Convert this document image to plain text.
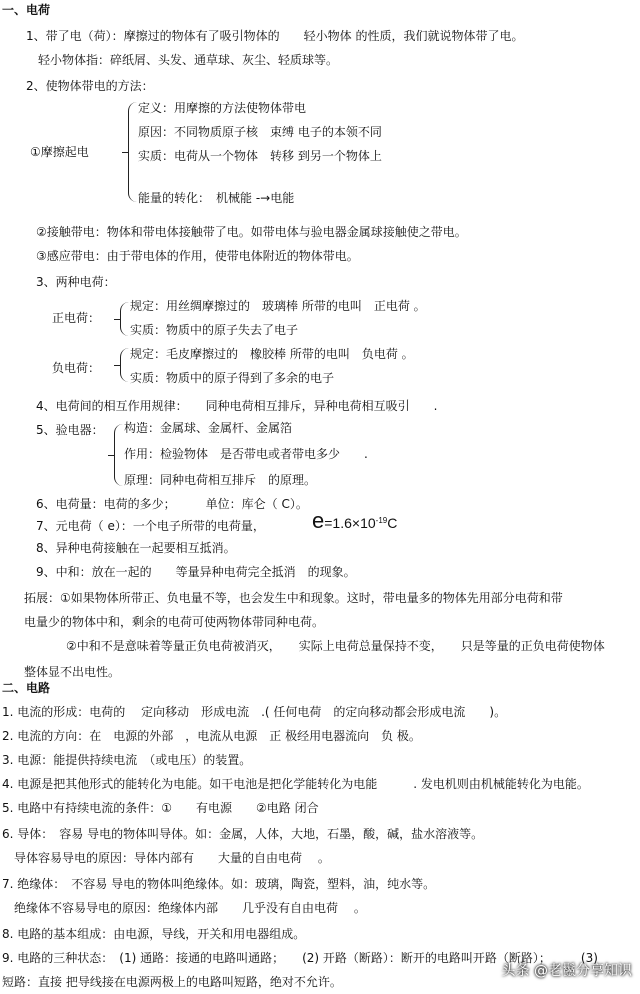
一、电荷
1、带了电（荷）：摩擦过的物体有了吸引物体的　　轻小物体 的性质，我们就说物体带了电。
轻小物体指：碎纸屑、头发、通草球、灰尘、轻质球等。
2、使物体带电的方法：
①摩擦起电
定义：用摩擦的方法使物体带电
原因：不同物质原子核　束缚 电子的本领不同
实质：电荷从一个物体　转移 到另一个物体上
能量的转化：　机械能 -→电能
②接触带电：物体和带电体接触带了电。如带电体与验电器金属球接触使之带电。
③感应带电：由于带电体的作用，使带电体附近的物体带电。
3、两种电荷：
正电荷：
规定：用丝绸摩擦过的　玻璃棒 所带的电叫　正电荷 。
实质：物质中的原子失去了电子
负电荷：
规定：毛皮摩擦过的　橡胶棒 所带的电叫　负电荷 。
实质：物质中的原子得到了多余的电子
4、电荷间的相互作用规律：　　同种电荷相互排斥，异种电荷相互吸引　　.
5、验电器： 构造：金属球、金属杆、金属箔
作用：检验物体　是否带电或者带电多少　　.
原理：同种电荷相互排斥　的原理。
6、电荷量：电荷的多少；　　　单位：库仑（ C）。
7、元电荷（ e）：一个电子所带的电荷量， $e=1.6\times 10^{-19}C$
8、异种电荷接触在一起要相互抵消。
9、中和：放在一起的　　等量异种电荷完全抵消　的现象。
拓展：①如果物体所带正、负电量不等，也会发生中和现象。这时，带电量多的物体先用部分电荷和带
电量少的物体中和，剩余的电荷可使两物体带同种电荷。
②中和不是意味着等量正负电荷被消灭，　　实际上电荷总量保持不变，　　只是等量的正负电荷使物体
整体显不出电性。
二、电路
1. 电流的形成：电荷的　 定向移动　形成电流　.( 任何电荷　的定向移动都会形成电流　　)。
2. 电流的方向：在　电源的外部　，电流从电源　正 极经用电器流向　负 极。
3. 电源：能提供持续电流　（或电压）的装置。
4. 电源是把其他形式的能转化为电能。如干电池是把化学能转化为电能　　　. 发电机则由机械能转化为电能。
5. 电路中有持续电流的条件：①　　有电源　　②电路 闭合
6. 导体：　容易 导电的物体叫导体。如：金属，人体，大地，石墨，酸，碱，盐水溶液等。
导体容易导电的原因：导体内部有　　大量的自由电荷　 。
7. 绝缘体：　不容易 导电的物体叫绝缘体。如：玻璃，陶瓷，塑料，油，纯水等。
绝缘体不容易导电的原因：绝缘体内部　　几乎没有自由电荷　 。
8. 电路的基本组成：由电源，导线，开关和用电器组成。
9. 电路的三种状态：　(1) 通路：接通的电路叫通路；　　(2) 开路（断路）：断开的电路叫开路（断路）；　　　(3)
短路：直接 把导线接在电源两极上的电路叫短路，绝对不允许。
头条 @老鬣分享知识
